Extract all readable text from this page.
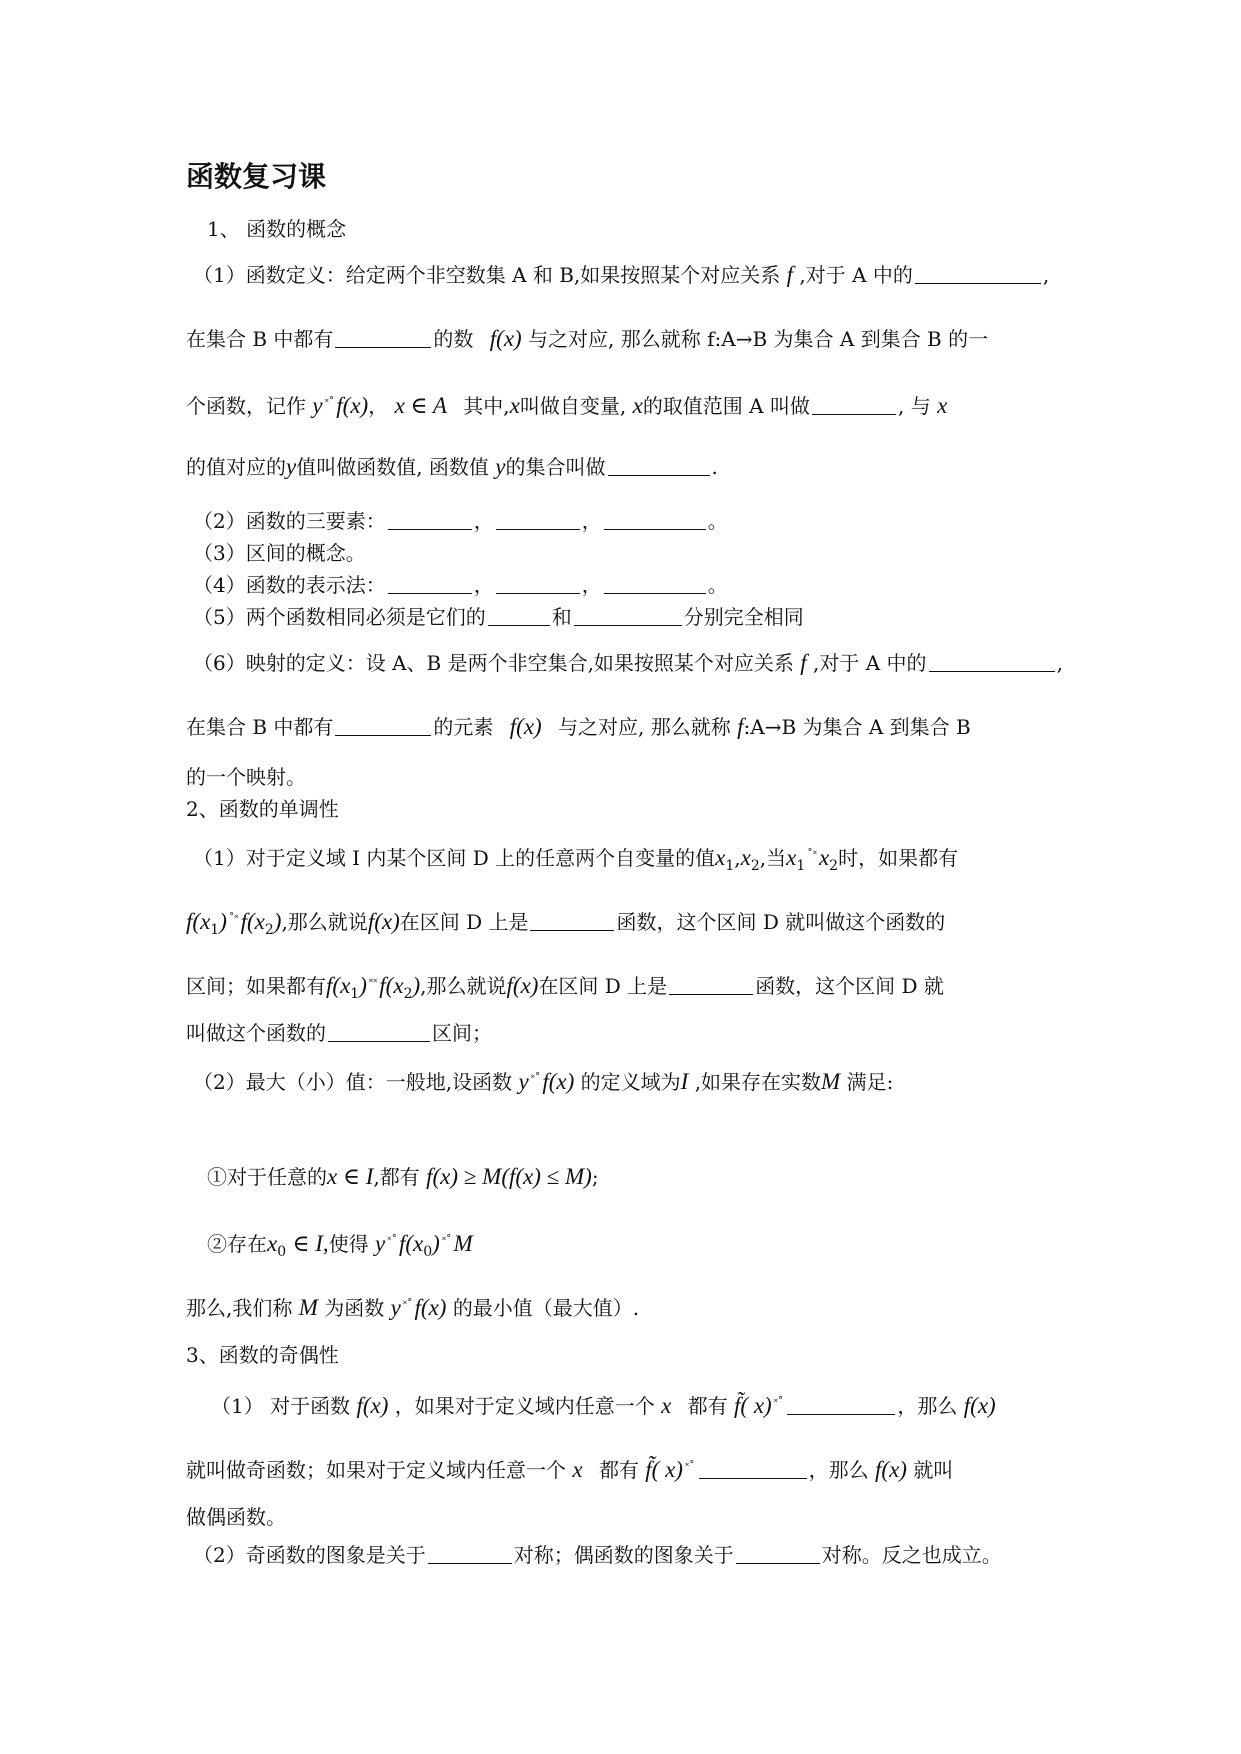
函数复习课
1、 函数的概念
（1）函数定义：给定两个非空数集 A 和 B,如果按照某个对应关系 f ,对于 A 中的	,
在集合 B 中都有	的数 f(x) 与之对应, 那么就称 f:A→B 为集合 A 到集合 B 的一
个函数，记作 y ˟˚f(x)， x ∈ A 其中,x叫做自变量, x的取值范围 A 叫做	, 与 x
的值对应的y值叫做函数值, 函数值 y的集合叫做	.
（2）函数的三要素：	，	，	。
（3）区间的概念。
（4）函数的表示法：	，	，	。
（5）两个函数相同必须是它们的	和	分别完全相同
（6）映射的定义：设 A、B 是两个非空集合,如果按照某个对应关系 f ,对于 A 中的	,
在集合 B 中都有	的元素 f(x) 与之对应, 那么就称 f:A→B 为集合 A 到集合 B
的一个映射。
2、函数的单调性
（1）对于定义域 I 内某个区间 D 上的任意两个自变量的值$x_1,x_2$,当$x_1^{˚˟}x_2$时，如果都有
$f(x_1)$ $^{˚˟}f(x_2)$,那么就说f(x)在区间 D 上是	函数，这个区间 D 就叫做这个函数的
区间；如果都有$f(x_1)$ $^{˟˟}f(x_2)$,那么就说f(x)在区间 D 上是	函数，这个区间 D 就
叫做这个函数的	区间；
（2）最大（小）值：一般地,设函数 y ˟˚f(x) 的定义域为I ,如果存在实数M 满足:
①对于任意的x ∈ I,都有 f(x) ≥ M(f(x) ≤ M);
②存在$x_0$ ∈ I,使得 y $^{˟˚}f(x_0)$ ˟˚M
那么,我们称 M 为函数 y ˟˚f(x) 的最小值（最大值）.
3、函数的奇偶性
（1） 对于函数 f(x) ，如果对于定义域内任意一个 x 都有 f̃( x) ˟˚	，那么 f(x)
就叫做奇函数；如果对于定义域内任意一个 x 都有 f̃( x) ˟˚	，那么 f(x) 就叫
做偶函数。
（2）奇函数的图象是关于	对称；偶函数的图象关于	对称。反之也成立。
